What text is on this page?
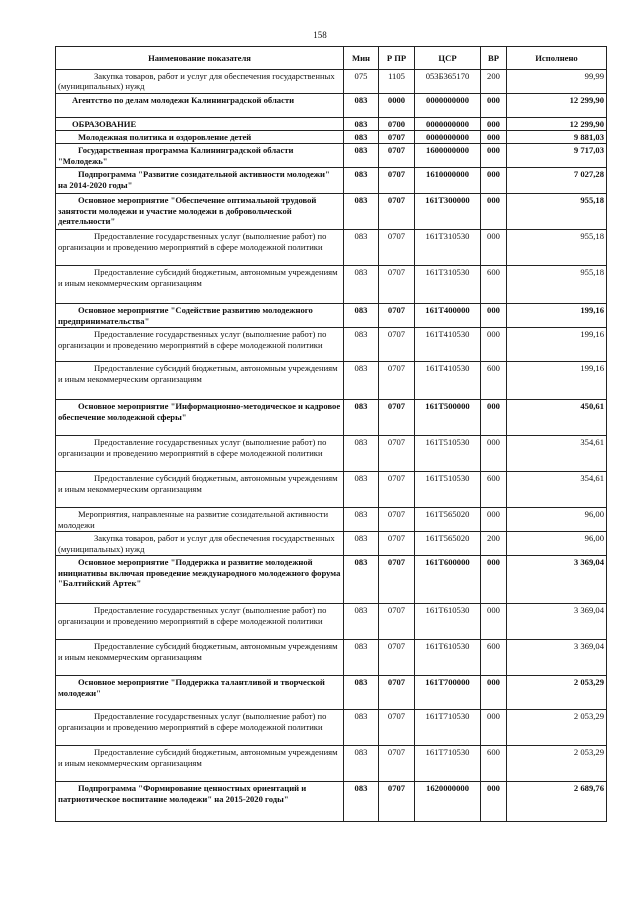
158
Наименование показателя	Мин	Р ПР	ЦСР	ВР	Исполнено
Закупка товаров, работ и услуг для обеспечения государственных (муниципальных) нужд	075	1105	053Б365170	200	99,99
Агентство по делам молодежи Калининградской области	083	0000	0000000000	000	12 299,90
ОБРАЗОВАНИЕ	083	0700	0000000000	000	12 299,90
Молодежная политика и оздоровление детей	083	0707	0000000000	000	9 881,03
Государственная программа Калининградской области "Молодежь"	083	0707	1600000000	000	9 717,03
Подпрограмма "Развитие созидательной активности молодежи" на 2014-2020 годы"	083	0707	1610000000	000	7 027,28
Основное мероприятие "Обеспечение оптимальной трудовой занятости молодежи и участие молодежи в добровольческой деятельности"	083	0707	161Т300000	000	955,18
Предоставление государственных услуг (выполнение работ) по организации и проведению мероприятий в сфере молодежной политики	083	0707	161Т310530	000	955,18
Предоставление субсидий бюджетным, автономным учреждениям и иным некоммерческим организациям	083	0707	161Т310530	600	955,18
Основное мероприятие "Содействие развитию молодежного предпринимательства"	083	0707	161Т400000	000	199,16
Предоставление государственных услуг (выполнение работ) по организации и проведению мероприятий в сфере молодежной политики	083	0707	161Т410530	000	199,16
Предоставление субсидий бюджетным, автономным учреждениям и иным некоммерческим организациям	083	0707	161Т410530	600	199,16
Основное мероприятие "Информационно-методическое и кадровое обеспечение молодежной сферы"	083	0707	161Т500000	000	450,61
Предоставление государственных услуг (выполнение работ) по организации и проведению мероприятий в сфере молодежной политики	083	0707	161Т510530	000	354,61
Предоставление субсидий бюджетным, автономным учреждениям и иным некоммерческим организациям	083	0707	161Т510530	600	354,61
Мероприятия, направленные на развитие созидательной активности молодежи	083	0707	161Т565020	000	96,00
Закупка товаров, работ и услуг для обеспечения государственных (муниципальных) нужд	083	0707	161Т565020	200	96,00
Основное мероприятие "Поддержка и развитие молодежной инициативы включая проведение международного молодежного форума "Балтийский Артек"	083	0707	161Т600000	000	3 369,04
Предоставление государственных услуг (выполнение работ) по организации и проведению мероприятий в сфере молодежной политики	083	0707	161Т610530	000	3 369,04
Предоставление субсидий бюджетным, автономным учреждениям и иным некоммерческим организациям	083	0707	161Т610530	600	3 369,04
Основное мероприятие "Поддержка талантливой и творческой молодежи"	083	0707	161Т700000	000	2 053,29
Предоставление государственных услуг (выполнение работ) по организации и проведению мероприятий в сфере молодежной политики	083	0707	161Т710530	000	2 053,29
Предоставление субсидий бюджетным, автономным учреждениям и иным некоммерческим организациям	083	0707	161Т710530	600	2 053,29
Подпрограмма "Формирование ценностных ориентаций и патриотическое воспитание молодежи" на 2015-2020 годы"	083	0707	1620000000	000	2 689,76
